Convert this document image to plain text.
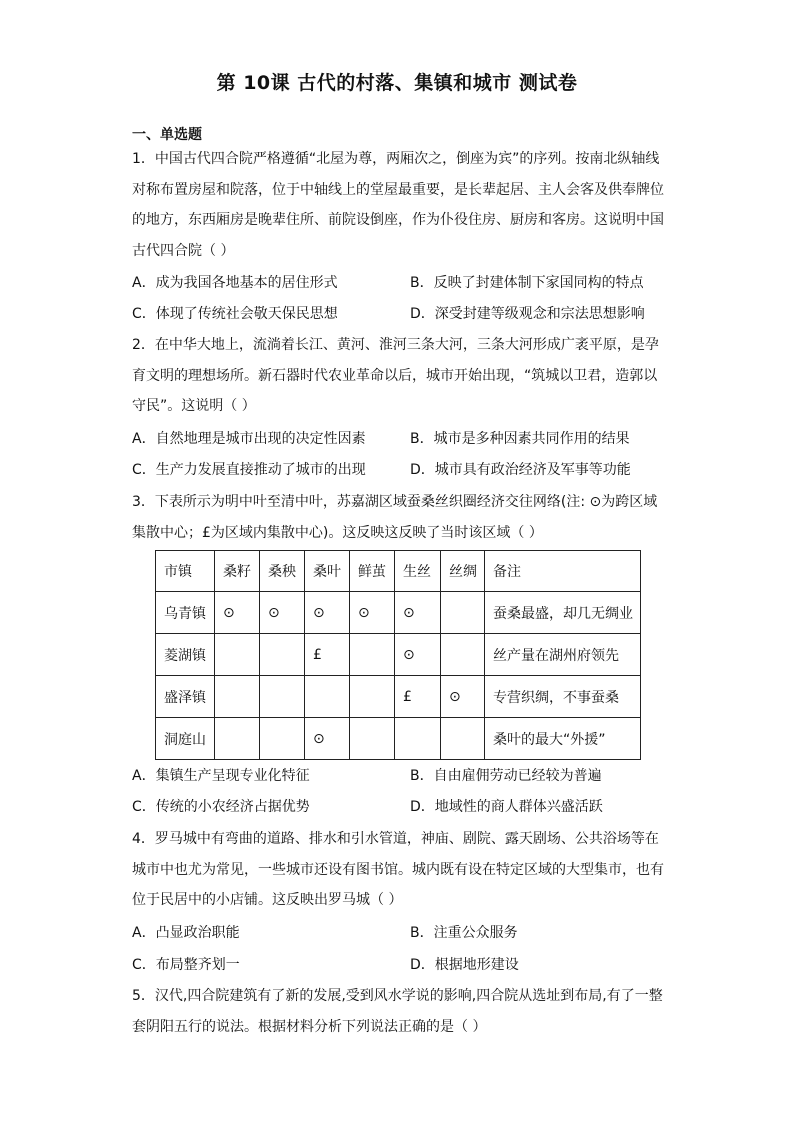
第 10课 古代的村落、集镇和城市 测试卷
一、单选题
1．中国古代四合院严格遵循“北屋为尊，两厢次之，倒座为宾”的序列。按南北纵轴线
对称布置房屋和院落，位于中轴线上的堂屋最重要，是长辈起居、主人会客及供奉牌位
的地方，东西厢房是晚辈住所、前院设倒座，作为仆役住房、厨房和客房。这说明中国
古代四合院（ ）
A．成为我国各地基本的居住形式	B．反映了封建体制下家国同构的特点
C．体现了传统社会敬天保民思想	D．深受封建等级观念和宗法思想影响
2．在中华大地上，流淌着长江、黄河、淮河三条大河，三条大河形成广袤平原，是孕
育文明的理想场所。新石器时代农业革命以后，城市开始出现，“筑城以卫君，造郭以
守民”。这说明（ ）
A．自然地理是城市出现的决定性因素	B．城市是多种因素共同作用的结果
C．生产力发展直接推动了城市的出现	D．城市具有政治经济及军事等功能
3．下表所示为明中叶至清中叶，苏嘉湖区域蚕桑丝织圈经济交往网络(注: ⊙为跨区域
集散中心；£为区域内集散中心)。这反映这反映了当时该区域（ ）
市镇	桑籽	桑秧	桑叶	鲜茧	生丝	丝绸	备注
乌青镇	⊙	⊙	⊙	⊙	⊙		蚕桑最盛，却几无绸业
菱湖镇			£		⊙		丝产量在湖州府领先
盛泽镇					£	⊙	专营织绸，不事蚕桑
洞庭山			⊙				桑叶的最大“外援”
A．集镇生产呈现专业化特征	B．自由雇佣劳动已经较为普遍
C．传统的小农经济占据优势	D．地域性的商人群体兴盛活跃
4．罗马城中有弯曲的道路、排水和引水管道，神庙、剧院、露天剧场、公共浴场等在
城市中也尤为常见，一些城市还设有图书馆。城内既有设在特定区域的大型集市，也有
位于民居中的小店铺。这反映出罗马城（ ）
A．凸显政治职能	B．注重公众服务
C．布局整齐划一	D．根据地形建设
5．汉代,四合院建筑有了新的发展,受到风水学说的影响,四合院从选址到布局,有了一整
套阴阳五行的说法。根据材料分析下列说法正确的是（ ）
